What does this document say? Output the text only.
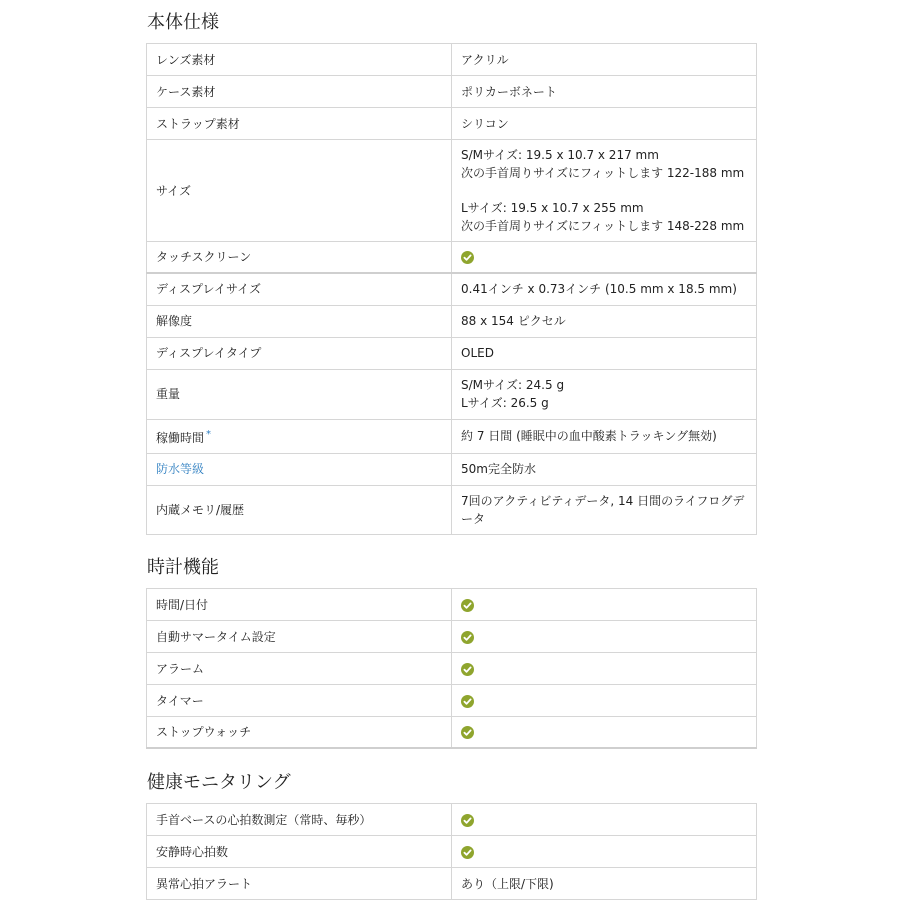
本体仕様
レンズ素材	アクリル

ケース素材	ポリカーボネート

ストラップ素材	シリコン

サイズ	S/Mサイズ: 19.5 x 10.7 x 217 mm
次の手首周りサイズにフィットします 122-188 mm
Lサイズ: 19.5 x 10.7 x 255 mm
次の手首周りサイズにフィットします 148-228 mm

タッチスクリーン	

ディスプレイサイズ	0.41インチ x 0.73インチ (10.5 mm x 18.5 mm)

解像度	88 x 154 ピクセル

ディスプレイタイプ	OLED

重量	S/Mサイズ: 24.5 g
Lサイズ: 26.5 g

稼働時間 *	約 7 日間 (睡眠中の血中酸素トラッキング無効)

防水等級	50m完全防水

内蔵メモリ/履歴	7回のアクティビティデータ, 14 日間のライフログデータ
時計機能
時間/日付	

自動サマータイム設定	

アラーム	

タイマー	

ストップウォッチ	
健康モニタリング
手首ベースの心拍数測定（常時、毎秒）	

安静時心拍数	

異常心拍アラート	あり（上限/下限)
